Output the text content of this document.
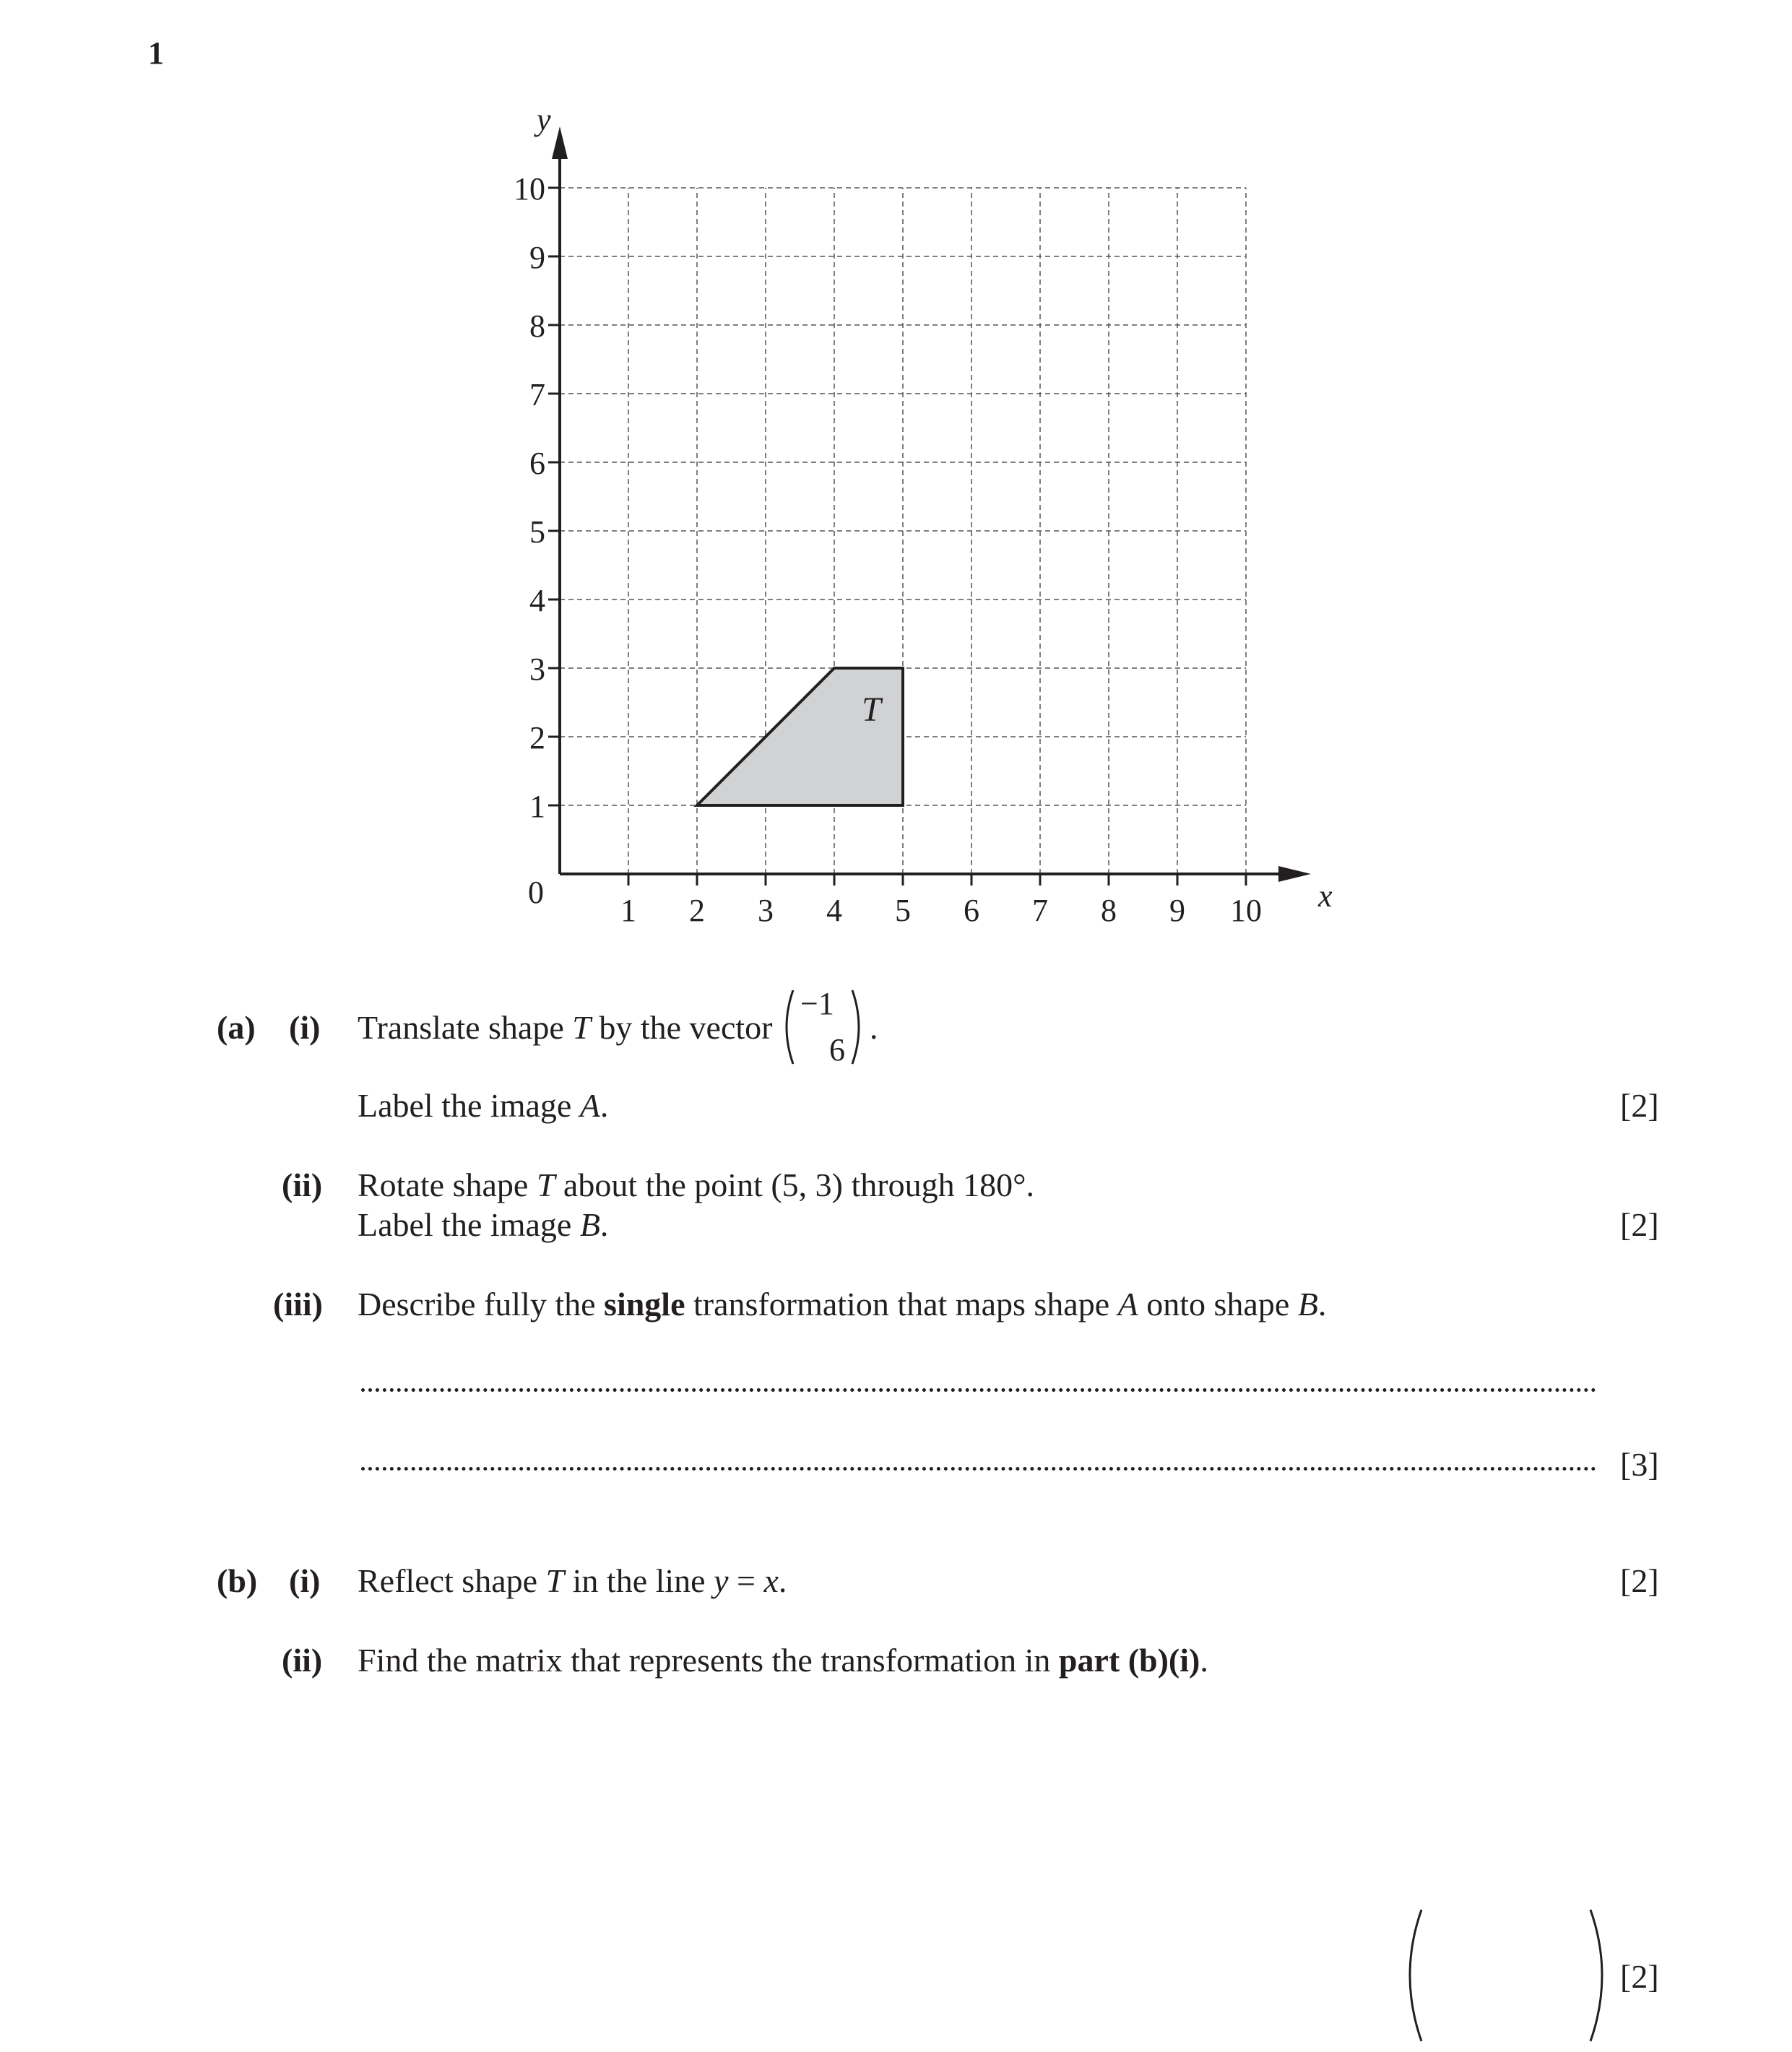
1
T
x
y
0
1 2 3 4 5 6 7 8 9 10
1
2
3
4
5
6
7
8
9
10
(a) (i) Translate shape T by the vector
−1
6
.
Label the image A.	[2]
(ii) Rotate shape T about the point (5, 3) through 180°.
Label the image B.	[2]
(iii) Describe fully the single transformation that maps shape A onto shape B.
[3]
(b) (i) Reflect shape T in the line y = x.	[2]
(ii) Find the matrix that represents the transformation in part (b)(i).
[2]
